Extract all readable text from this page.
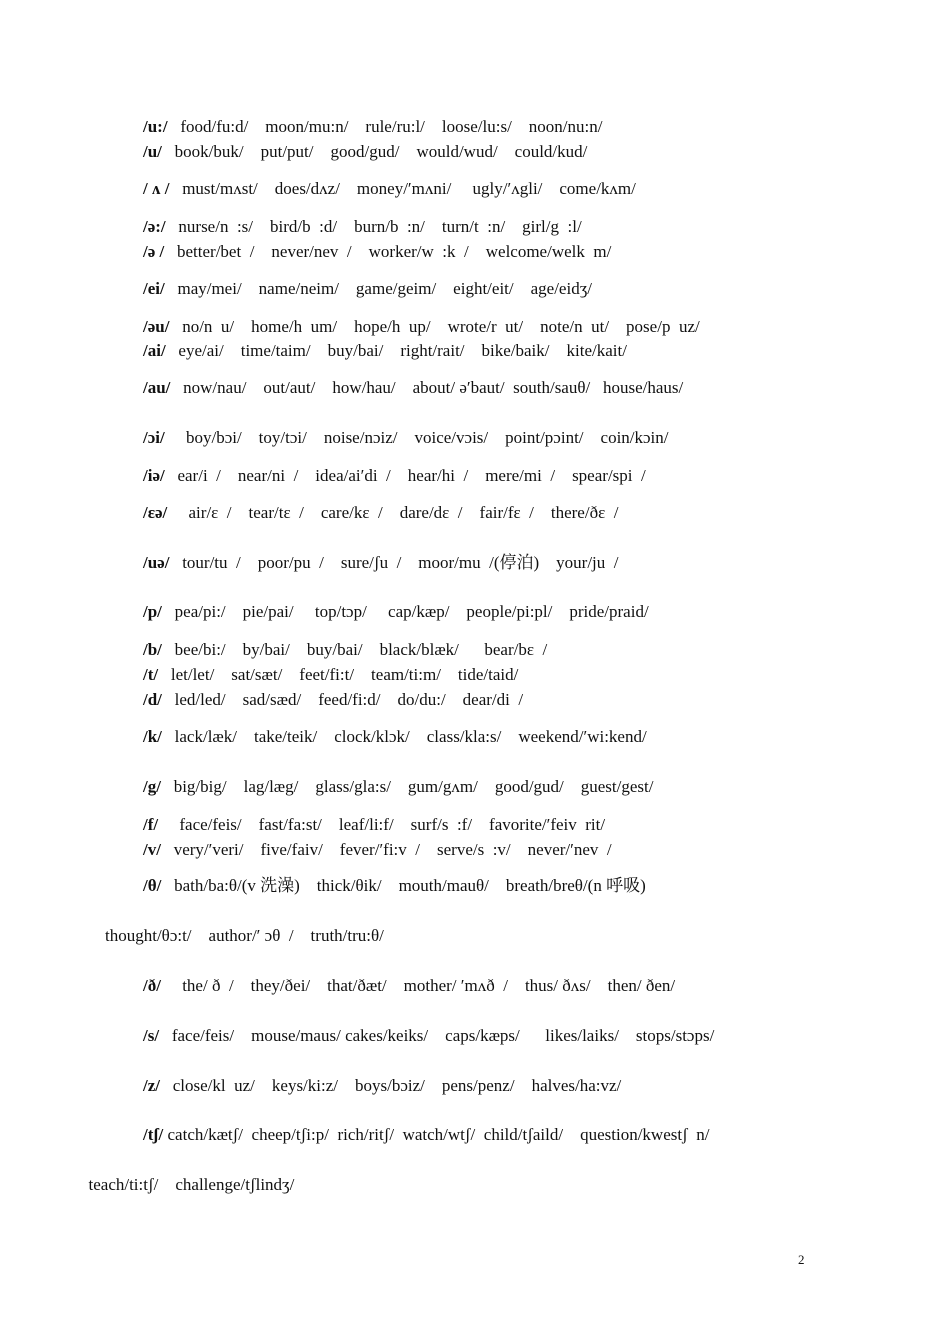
/u:/   food/fu:d/    moon/mu:n/    rule/ru:l/    loose/lu:s/    noon/nu:n/
/u/   book/buk/    put/put/    good/gud/    would/wud/    could/kud/
/ ʌ /   must/mʌst/    does/dʌz/    money/′mʌni/     ugly/′ʌgli/    come/kʌm/
/ə:/   nurse/n  :s/    bird/b  :d/    burn/b  :n/    turn/t  :n/    girl/g  :l/
/ə /   better/bet  /    never/nev  /    worker/w  :k  /    welcome/welk  m/
/ei/   may/mei/    name/neim/    game/geim/    eight/eit/    age/eidʒ/
/əu/   no/n  u/    home/h  um/    hope/h  up/    wrote/r  ut/    note/n  ut/    pose/p  uz/
/ai/   eye/ai/    time/taim/    buy/bai/    right/rait/    bike/baik/    kite/kait/
/au/   now/nau/    out/aut/    how/hau/    about/ ə′baut/  south/sauθ/   house/haus/
/ɔi/     boy/bɔi/    toy/tɔi/    noise/nɔiz/    voice/vɔis/    point/pɔint/    coin/kɔin/
/iə/   ear/i  /    near/ni  /    idea/ai′di  /    hear/hi  /    mere/mi  /    spear/spi  /
/εə/     air/ε  /    tear/tε  /    care/kε  /    dare/dε  /    fair/fε  /    there/ðε  /
/uə/   tour/tu  /    poor/pu  /    sure/ʃu  /    moor/mu  /(停泊)    your/ju  /
/p/   pea/pi:/    pie/pai/     top/tɔp/     cap/kæp/    people/pi:pl/    pride/praid/
/b/   bee/bi:/    by/bai/    buy/bai/    black/blæk/      bear/bε  /
/t/   let/let/    sat/sæt/    feet/fi:t/    team/ti:m/    tide/taid/
/d/   led/led/    sad/sæd/    feed/fi:d/    do/du:/    dear/di  /
/k/   lack/læk/    take/teik/    clock/klɔk/    class/kla:s/    weekend/′wi:kend/
/g/   big/big/    lag/læg/    glass/gla:s/    gum/gʌm/    good/gud/    guest/gest/
/f/     face/feis/    fast/fa:st/    leaf/li:f/    surf/s  :f/    favorite/′feiv  rit/
/v/   very/′veri/    five/faiv/    fever/′fi:v  /    serve/s  :v/    never/′nev  /
/θ/   bath/ba:θ/(v 洗澡)    thick/θik/    mouth/mauθ/    breath/breθ/(n 呼吸)
thought/θɔ:t/    author/′ ɔθ  /    truth/tru:θ/
/ð/     the/ ð  /    they/ðei/    that/ðæt/    mother/ ′mʌð  /    thus/ ðʌs/    then/ ðen/
/s/   face/feis/    mouse/maus/ cakes/keiks/    caps/kæps/      likes/laiks/    stops/stɔps/
/z/   close/kl  uz/    keys/ki:z/    boys/bɔiz/    pens/penz/    halves/ha:vz/
/tʃ/ catch/kætʃ/  cheep/tʃi:p/  rich/ritʃ/  watch/wtʃ/  child/tʃaild/    question/kwestʃ  n/
teach/ti:tʃ/    challenge/tʃlindʒ/
2
